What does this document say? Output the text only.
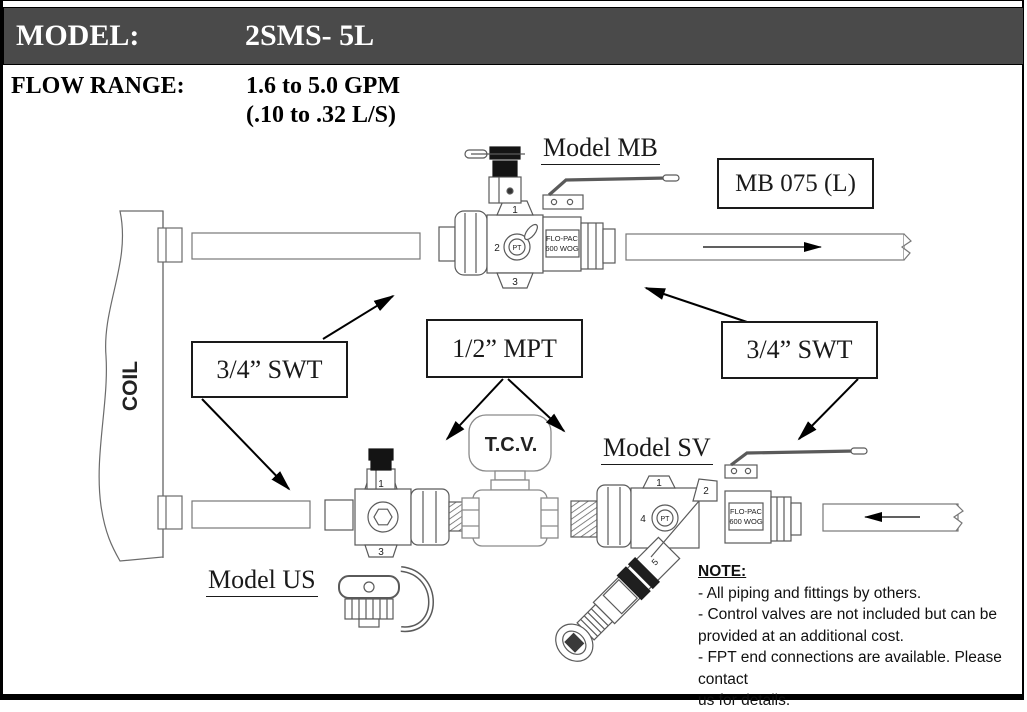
MODEL:	2SMS- 5L
FLOW RANGE:	1.6 to 5.0 GPM
(.10 to .32 L/S)
COIL
1
2
3
PT
FLO-PAC
600 WOG
1
3
T.C.V.
5
1
2
4 PT
FLO-PAC
600 WOG
Model MB
Model SV
Model US
MB 075 (L)
3/4” SWT
1/2” MPT	3/4” SWT
NOTE:
- All piping and fittings by others.
- Control valves are not included but can be
provided at an additional cost.
- FPT end connections are available. Please contact
us for details.
